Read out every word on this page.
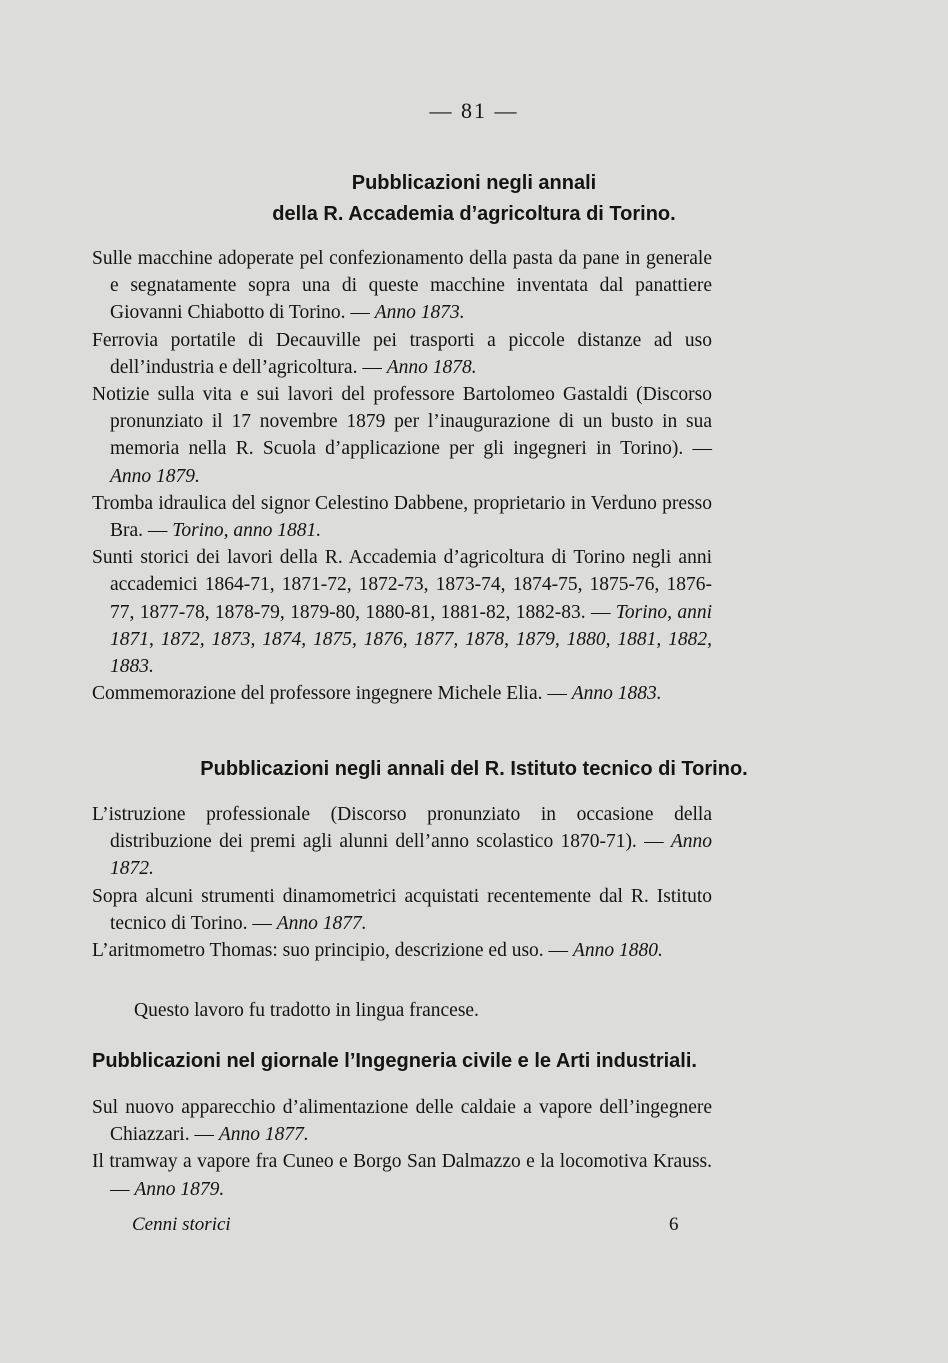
— 81 —
Pubblicazioni negli annali
della R. Accademia d’agricoltura di Torino.

Sulle macchine adoperate pel confezionamento della pasta da pane in generale e segnatamente sopra una di queste macchine inventata dal panattiere Giovanni Chiabotto di Torino. — Anno 1873.

Ferrovia portatile di Decauville pei trasporti a piccole distanze ad uso dell’industria e dell’agricoltura. — Anno 1878.

Notizie sulla vita e sui lavori del professore Bartolomeo Gastaldi (Discorso pronunziato il 17 novembre 1879 per l’inaugurazione di un busto in sua memoria nella R. Scuola d’applicazione per gli ingegneri in Torino). — Anno 1879.

Tromba idraulica del signor Celestino Dabbene, proprietario in Verduno presso Bra. — Torino, anno 1881.

Sunti storici dei lavori della R. Accademia d’agricoltura di Torino negli anni accademici 1864-71, 1871-72, 1872-73, 1873-74, 1874-75, 1875-76, 1876-77, 1877-78, 1878-79, 1879-80, 1880-81, 1881-82, 1882-83. — Torino, anni 1871, 1872, 1873, 1874, 1875, 1876, 1877, 1878, 1879, 1880, 1881, 1882, 1883.

Commemorazione del professore ingegnere Michele Elia. — Anno 1883.

Pubblicazioni negli annali del R. Istituto tecnico di Torino.

L’istruzione professionale (Discorso pronunziato in occasione della distribuzione dei premi agli alunni dell’anno scolastico 1870-71). — Anno 1872.

Sopra alcuni strumenti dinamometrici acquistati recentemente dal R. Istituto tecnico di Torino. — Anno 1877.

L’aritmometro Thomas: suo principio, descrizione ed uso. — Anno 1880.

Questo lavoro fu tradotto in lingua francese.
Pubblicazioni nel giornale l’Ingegneria civile e le Arti industriali.

Sul nuovo apparecchio d’alimentazione delle caldaie a vapore dell’ingegnere Chiazzari. — Anno 1877.

Il tramway a vapore fra Cuneo e Borgo San Dalmazzo e la locomotiva Krauss. — Anno 1879.

Cenni storici	6
